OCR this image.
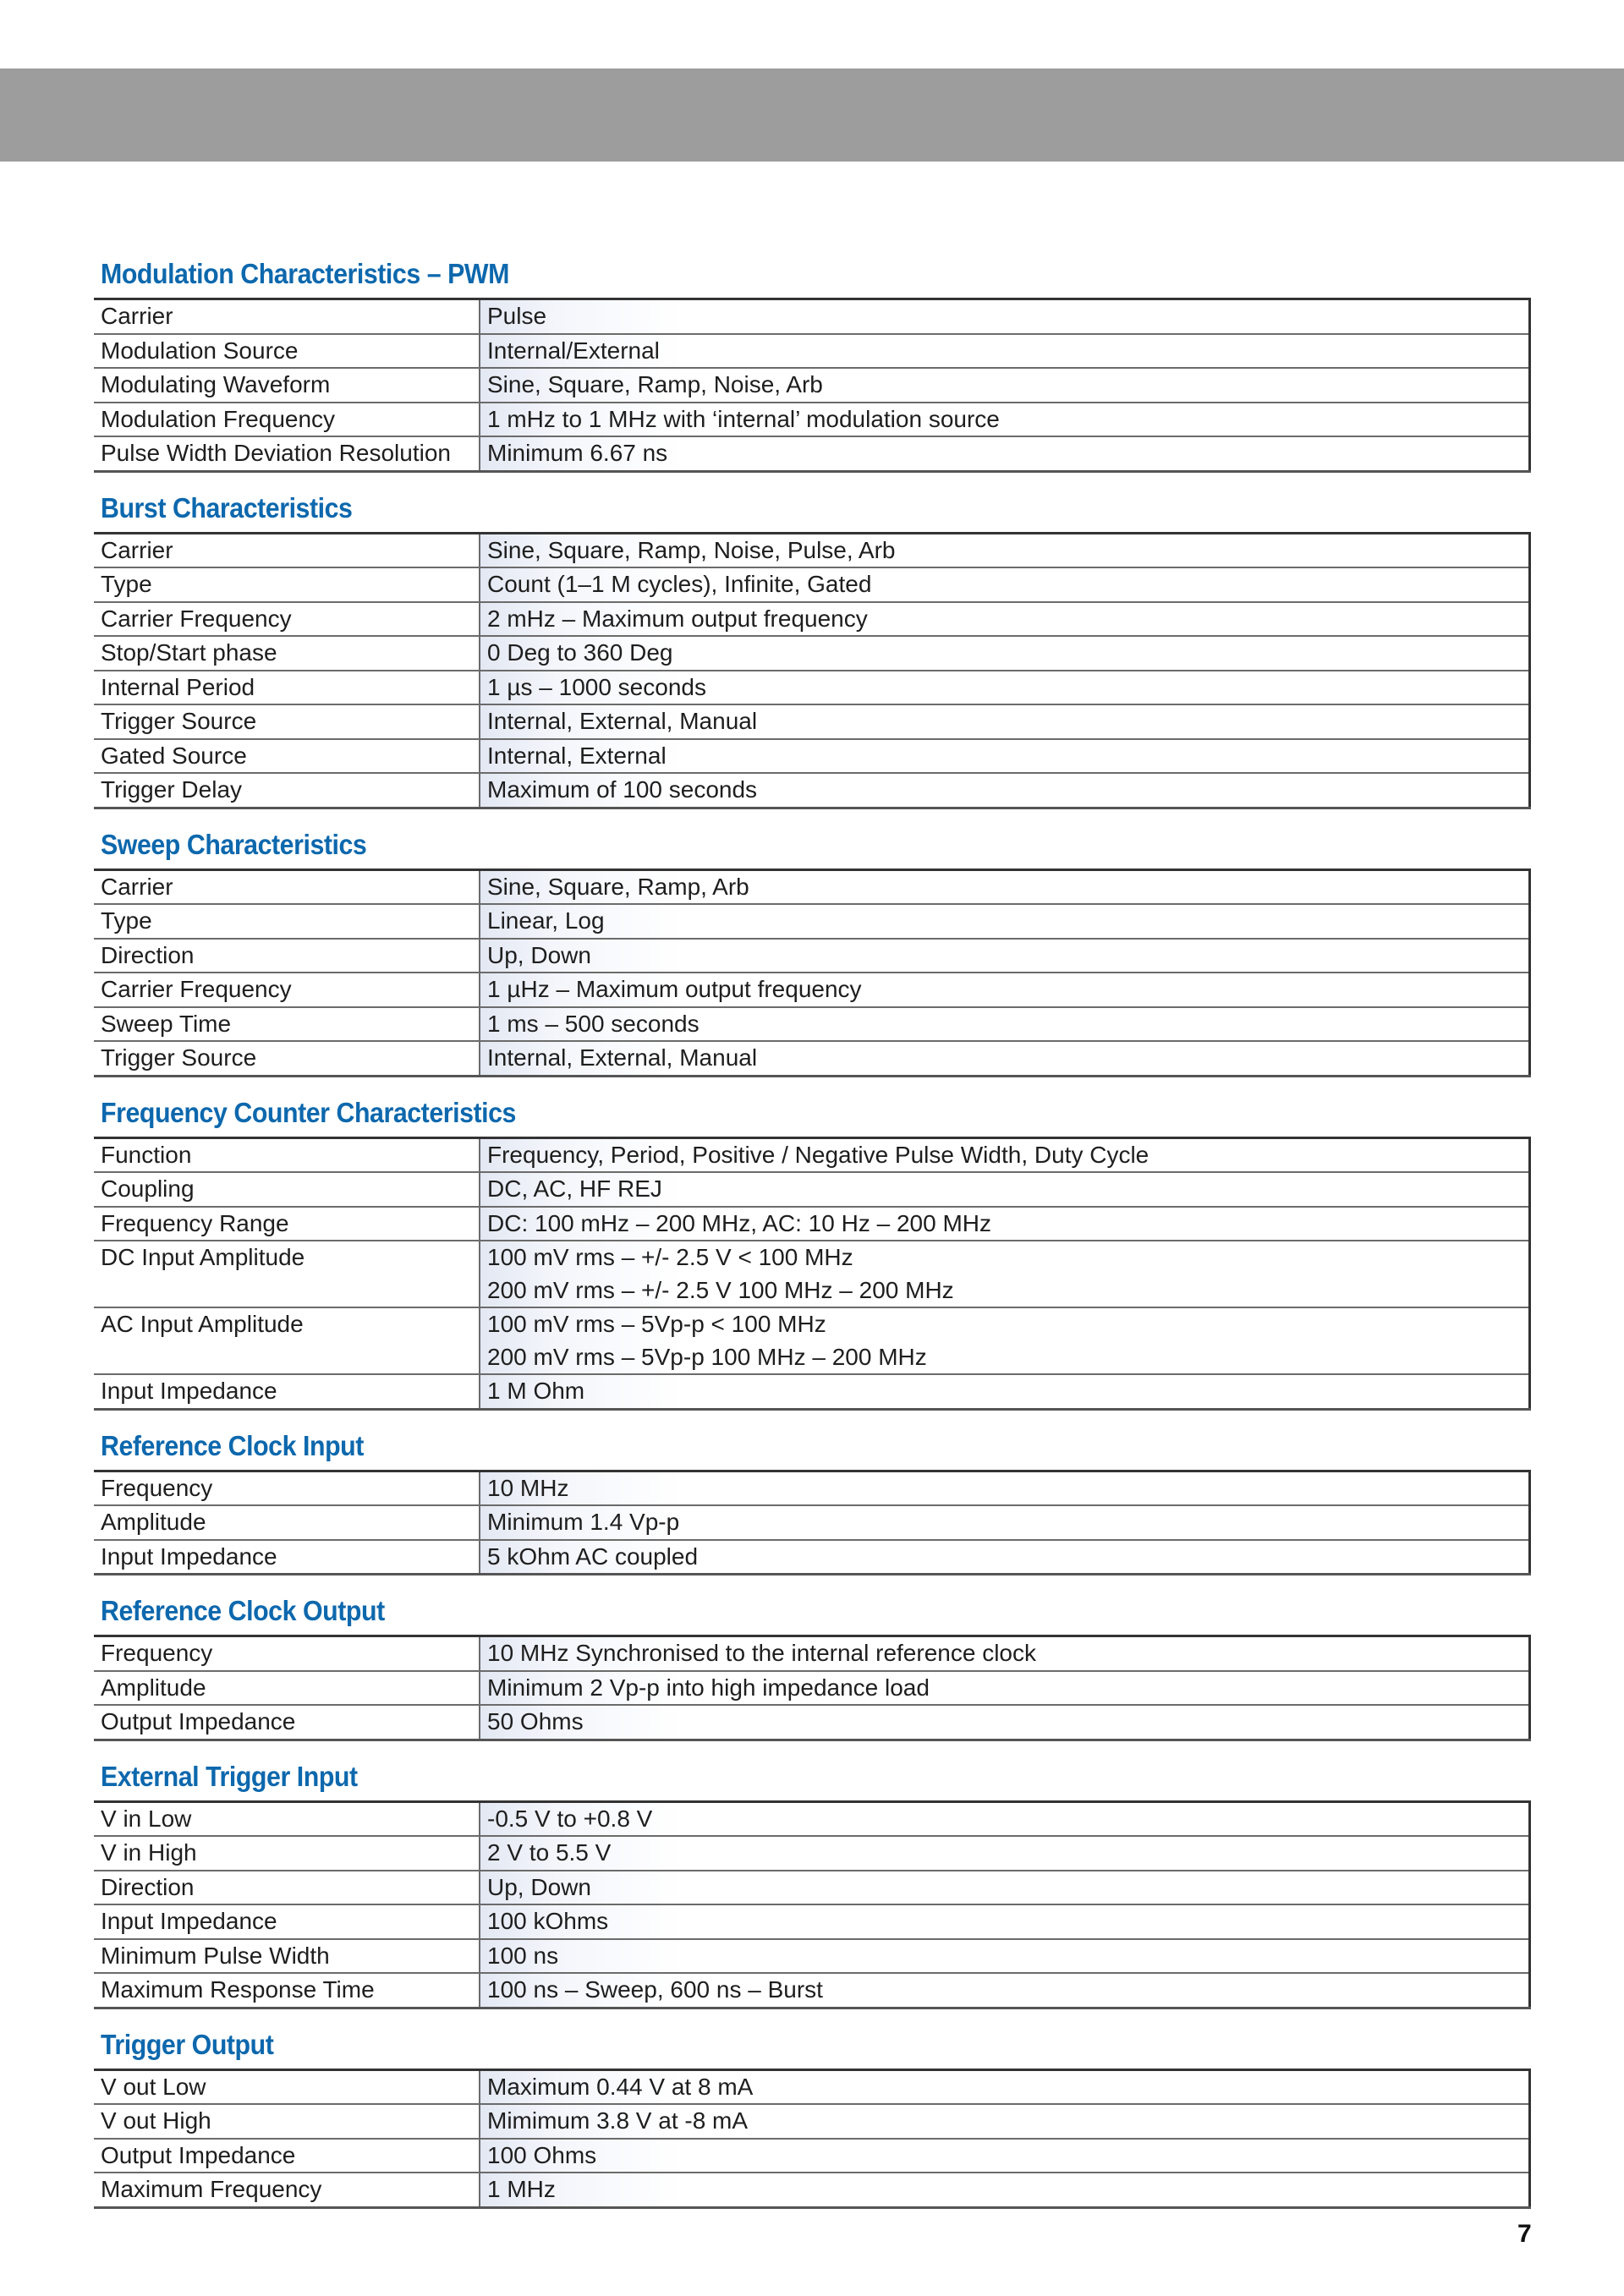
Modulation Characteristics – PWM
Carrier	Pulse

Modulation Source	Internal/External

Modulating Waveform	Sine, Square, Ramp, Noise, Arb

Modulation Frequency	1 mHz to 1 MHz with ‘internal’ modulation source

Pulse Width Deviation Resolution	Minimum 6.67 ns
Burst Characteristics
Carrier	Sine, Square, Ramp, Noise, Pulse, Arb

Type	Count (1–1 M cycles), Infinite, Gated

Carrier Frequency	2 mHz – Maximum output frequency

Stop/Start phase	0 Deg to 360 Deg

Internal Period	1 µs – 1000 seconds

Trigger Source	Internal, External, Manual

Gated Source	Internal, External

Trigger Delay	Maximum of 100 seconds
Sweep Characteristics
Carrier	Sine, Square, Ramp, Arb

Type	Linear, Log

Direction	Up, Down

Carrier Frequency	1 µHz – Maximum output frequency

Sweep Time	1 ms – 500 seconds

Trigger Source	Internal, External, Manual
Frequency Counter Characteristics
Function	Frequency, Period, Positive / Negative Pulse Width, Duty Cycle

Coupling	DC, AC, HF REJ

Frequency Range	DC: 100 mHz – 200 MHz, AC: 10 Hz – 200 MHz

DC Input Amplitude	100 mV rms – +/- 2.5 V < 100 MHz
200 mV rms – +/- 2.5 V 100 MHz – 200 MHz

AC Input Amplitude	100 mV rms – 5Vp-p < 100 MHz
200 mV rms – 5Vp-p 100 MHz – 200 MHz

Input Impedance	1 M Ohm
Reference Clock Input
Frequency	10 MHz

Amplitude	Minimum 1.4 Vp-p

Input Impedance	5 kOhm AC coupled
Reference Clock Output
Frequency	10 MHz Synchronised to the internal reference clock

Amplitude	Minimum 2 Vp-p into high impedance load

Output Impedance	50 Ohms
External Trigger Input
V in Low	-0.5 V to +0.8 V

V in High	2 V to 5.5 V

Direction	Up, Down

Input Impedance	100 kOhms

Minimum Pulse Width	100 ns

Maximum Response Time	100 ns – Sweep, 600 ns – Burst
Trigger Output
V out Low	Maximum 0.44 V at 8 mA

V out High	Mimimum 3.8 V at -8 mA

Output Impedance	100 Ohms

Maximum Frequency	1 MHz
7
